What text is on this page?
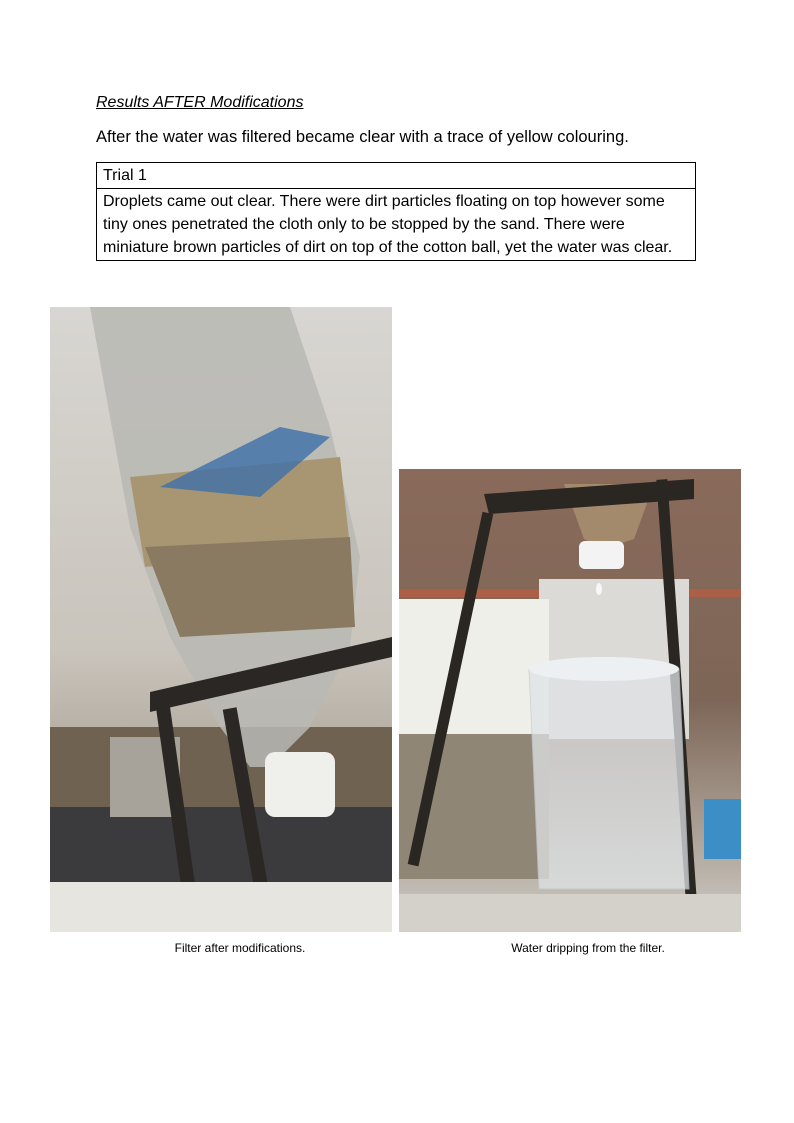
Results AFTER Modifications
After the water was filtered became clear with a trace of yellow colouring.
Trial 1
Droplets came out clear. There were dirt particles floating on top however some tiny ones penetrated the cloth only to be stopped by the sand. There were miniature brown particles of dirt on top of the cotton ball, yet the water was clear.
Filter after modifications.	Water dripping from the filter.
